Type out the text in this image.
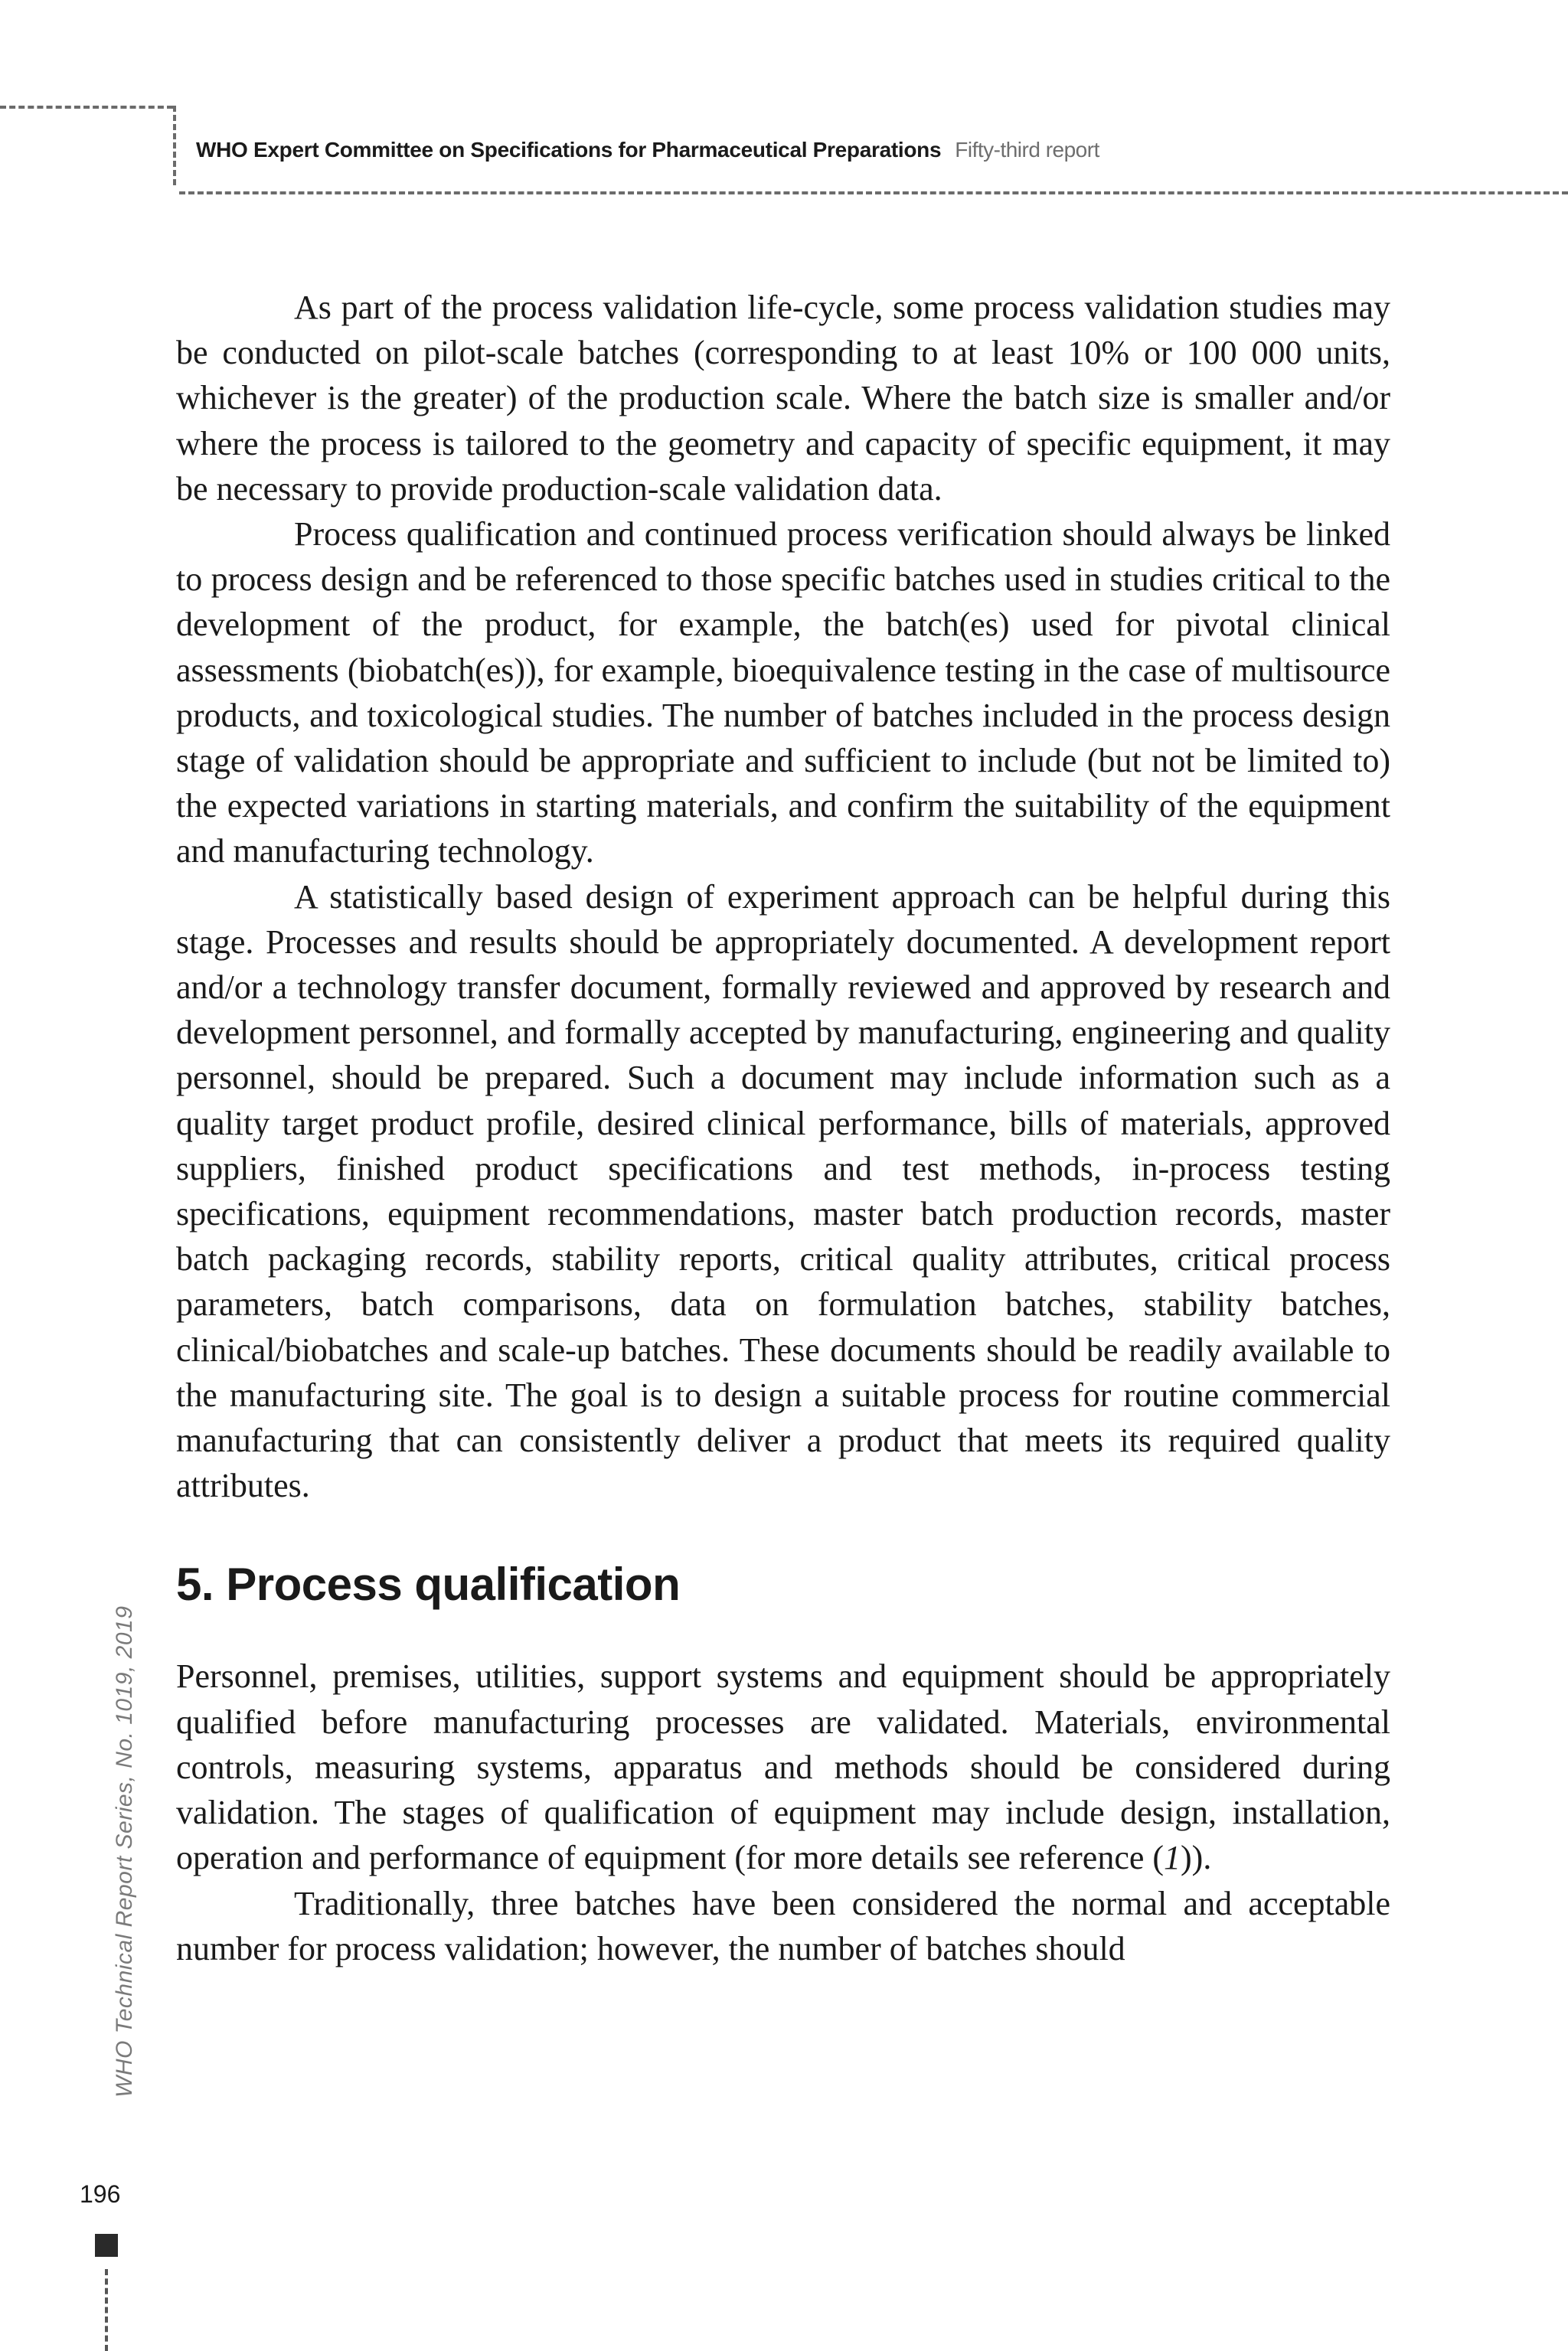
WHO Expert Committee on Specifications for Pharmaceutical Preparations Fifty-third report

As part of the process validation life-cycle, some process validation studies may be conducted on pilot-scale batches (corresponding to at least 10% or 100 000 units, whichever is the greater) of the production scale. Where the batch size is smaller and/or where the process is tailored to the geometry and capacity of specific equipment, it may be necessary to provide production-scale validation data.

Process qualification and continued process verification should always be linked to process design and be referenced to those specific batches used in studies critical to the development of the product, for example, the batch(es) used for pivotal clinical assessments (biobatch(es)), for example, bioequivalence testing in the case of multisource products, and toxicological studies. The number of batches included in the process design stage of validation should be appropriate and sufficient to include (but not be limited to) the expected variations in starting materials, and confirm the suitability of the equipment and manufacturing technology.

A statistically based design of experiment approach can be helpful during this stage. Processes and results should be appropriately documented. A development report and/or a technology transfer document, formally reviewed and approved by research and development personnel, and formally accepted by manufacturing, engineering and quality personnel, should be prepared. Such a document may include information such as a quality target product profile, desired clinical performance, bills of materials, approved suppliers, finished product specifications and test methods, in-process testing specifications, equipment recommendations, master batch production records, master batch packaging records, stability reports, critical quality attributes, critical process parameters, batch comparisons, data on formulation batches, stability batches, clinical/biobatches and scale-up batches. These documents should be readily available to the manufacturing site. The goal is to design a suitable process for routine commercial manufacturing that can consistently deliver a product that meets its required quality attributes.

5. Process qualification

Personnel, premises, utilities, support systems and equipment should be appropriately qualified before manufacturing processes are validated. Materials, environmental controls, measuring systems, apparatus and methods should be considered during validation. The stages of qualification of equipment may include design, installation, operation and performance of equipment (for more details see reference (1)).

Traditionally, three batches have been considered the normal and acceptable number for process validation; however, the number of batches should

WHO Technical Report Series, No. 1019, 2019
196
